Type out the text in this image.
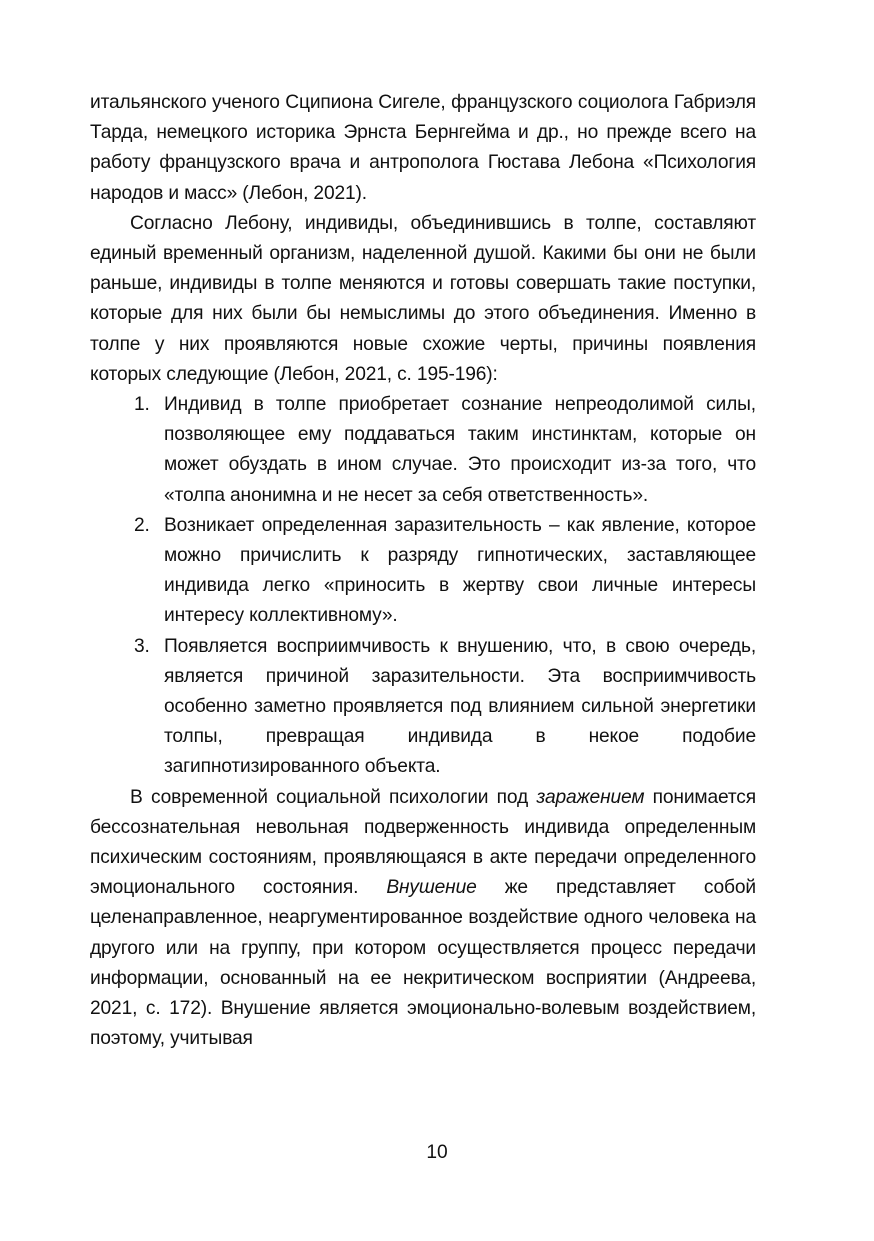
итальянского ученого Сципиона Сигеле, французского социолога Габриэля Тарда, немецкого историка Эрнста Бернгейма и др., но прежде всего на работу французского врача и антрополога Гюстава Лебона «Психология народов и масс» (Лебон, 2021).

Согласно Лебону, индивиды, объединившись в толпе, составляют единый временный организм, наделенной душой. Какими бы они не были раньше, индивиды в толпе меняются и готовы совершать такие поступки, которые для них были бы немыслимы до этого объединения. Именно в толпе у них проявляются новые схожие черты, причины появления которых следующие (Лебон, 2021, с. 195-196):

1. Индивид в толпе приобретает сознание непреодолимой силы, позволяющее ему поддаваться таким инстинктам, которые он может обуздать в ином случае. Это происходит из-за того, что «толпа анонимна и не несет за себя ответственность».
2. Возникает определенная заразительность – как явление, которое можно причислить к разряду гипнотических, заставляющее индивида легко «приносить в жертву свои личные интересы интересу коллективному».
3. Появляется восприимчивость к внушению, что, в свою очередь, является причиной заразительности. Эта восприимчивость особенно заметно проявляется под влиянием сильной энергетики толпы, превращая индивида в некое подобие загипнотизированного объекта.

В современной социальной психологии под заражением понимается бессознательная невольная подверженность индивида определенным психическим состояниям, проявляющаяся в акте передачи определенного эмоционального состояния. Внушение же представляет собой целенаправленное, неаргументированное воздействие одного человека на другого или на группу, при котором осуществляется процесс передачи информации, основанный на ее некритическом восприятии (Андреева, 2021, с. 172). Внушение является эмоционально-волевым воздействием, поэтому, учитывая

10
